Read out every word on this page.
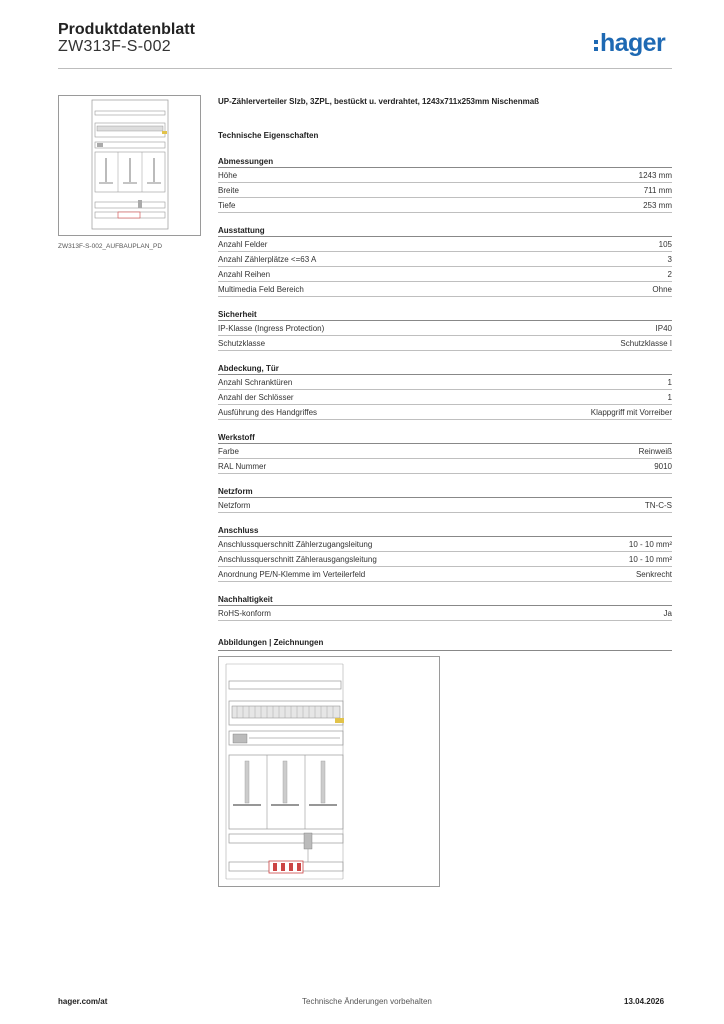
Produktdatenblatt
ZW313F-S-002	hager
ZW313F-S-002_AUFBAUPLAN_PD
UP-Zählerverteiler Slzb, 3ZPL, bestückt u. verdrahtet, 1243x711x253mm Nischenmaß
Technische Eigenschaften
Abmessungen
Höhe	1243 mm
Breite	711 mm
Tiefe	253 mm
Ausstattung
Anzahl Felder	105
Anzahl Zählerplätze <=63 A	3
Anzahl Reihen	2
Multimedia Feld Bereich	Ohne
Sicherheit
IP-Klasse (Ingress Protection)	IP40
Schutzklasse	Schutzklasse I
Abdeckung, Tür
Anzahl Schranktüren	1
Anzahl der Schlösser	1
Ausführung des Handgriffes	Klappgriff mit Vorreiber
Werkstoff
Farbe	Reinweiß
RAL Nummer	9010
Netzform
Netzform	TN-C-S
Anschluss
Anschlussquerschnitt Zählerzugangsleitung	10 - 10 mm²
Anschlussquerschnitt Zählerausgangsleitung	10 - 10 mm²
Anordnung PE/N-Klemme im Verteilerfeld	Senkrecht
Nachhaltigkeit
RoHS-konform	Ja
Abbildungen | Zeichnungen
hager.com/at	Technische Änderungen vorbehalten	13.04.2026
